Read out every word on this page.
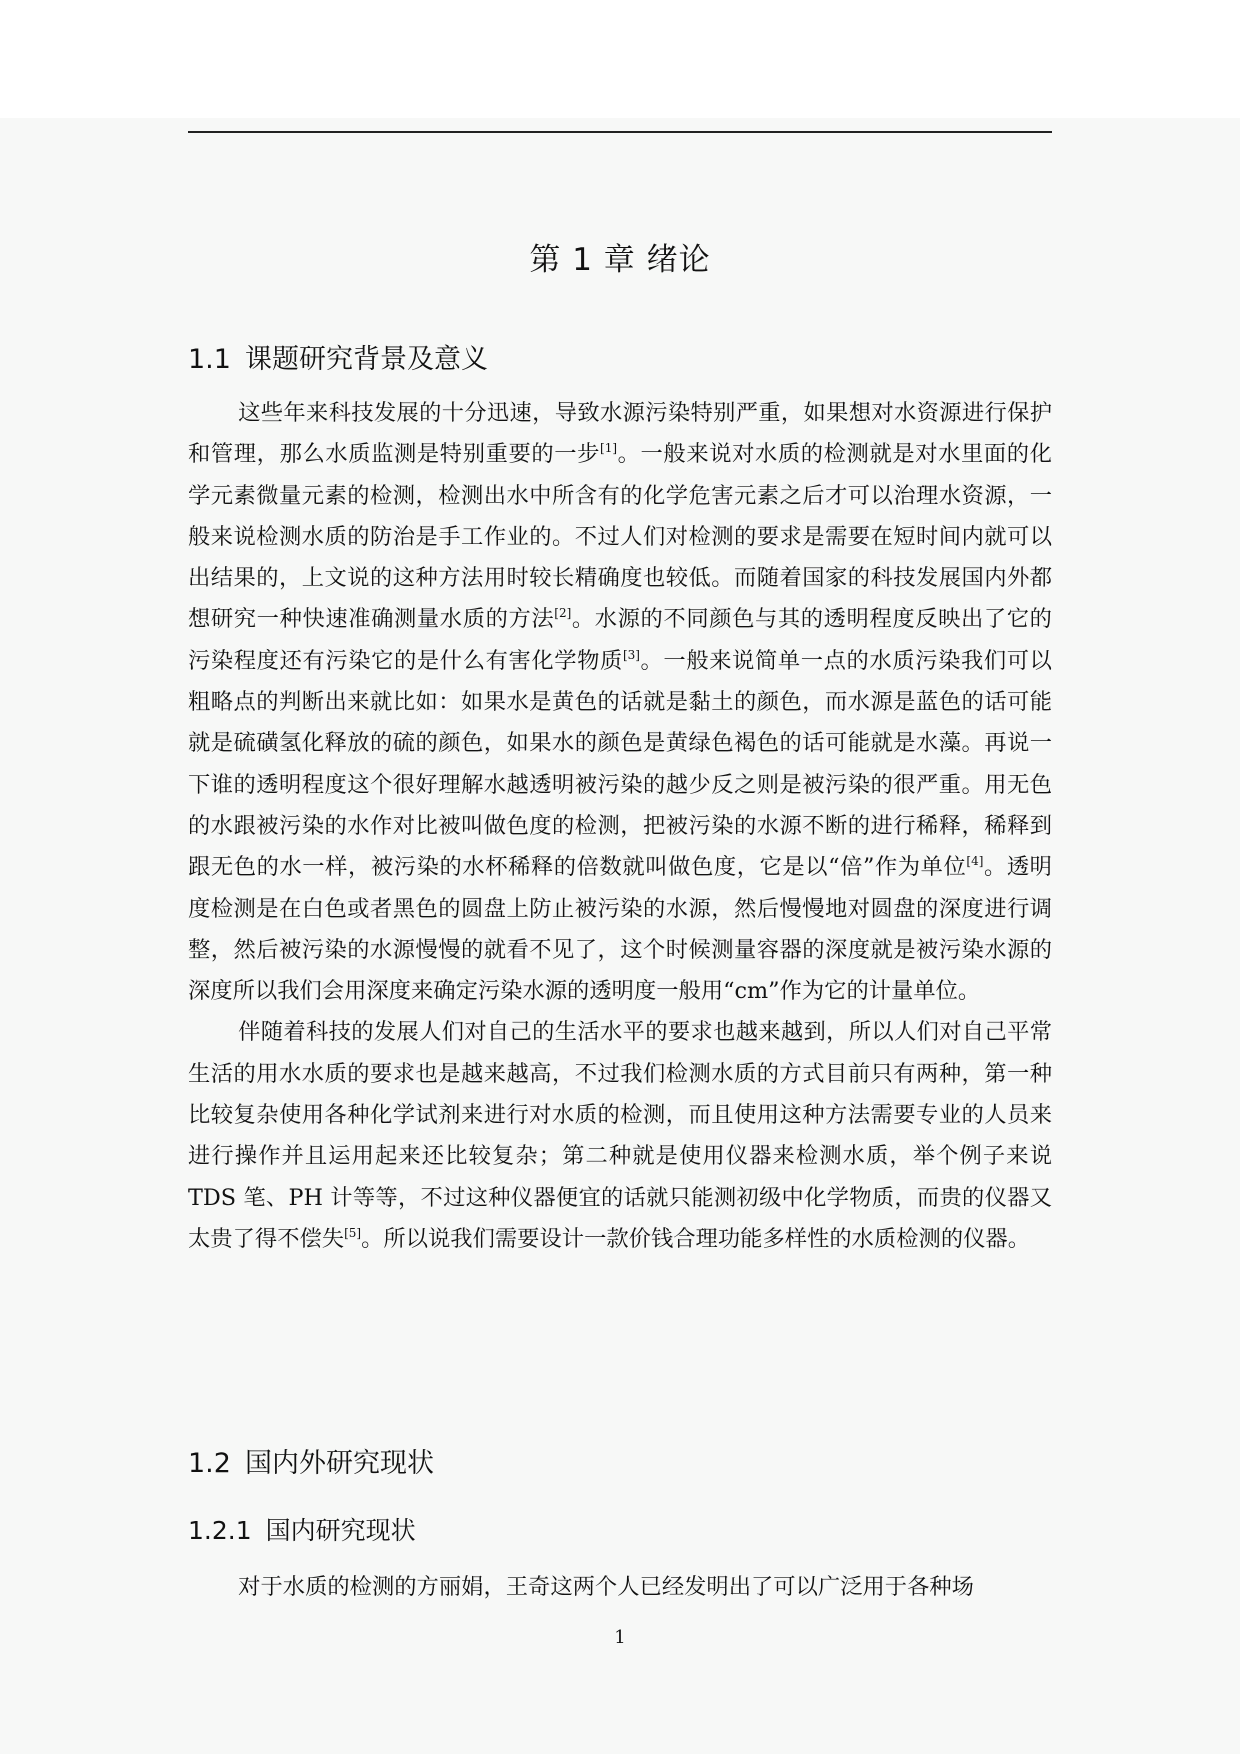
第 1 章 绪论
1.1 课题研究背景及意义

这些年来科技发展的十分迅速，导致水源污染特别严重，如果想对水资源进行保护和管理，那么水质监测是特别重要的一步[1]。一般来说对水质的检测就是对水里面的化学元素微量元素的检测，检测出水中所含有的化学危害元素之后才可以治理水资源，一般来说检测水质的防治是手工作业的。不过人们对检测的要求是需要在短时间内就可以出结果的，上文说的这种方法用时较长精确度也较低。而随着国家的科技发展国内外都想研究一种快速准确测量水质的方法[2]。水源的不同颜色与其的透明程度反映出了它的污染程度还有污染它的是什么有害化学物质[3]。一般来说简单一点的水质污染我们可以粗略点的判断出来就比如：如果水是黄色的话就是黏土的颜色，而水源是蓝色的话可能就是硫磺氢化释放的硫的颜色，如果水的颜色是黄绿色褐色的话可能就是水藻。再说一下谁的透明程度这个很好理解水越透明被污染的越少反之则是被污染的很严重。用无色的水跟被污染的水作对比被叫做色度的检测，把被污染的水源不断的进行稀释，稀释到跟无色的水一样，被污染的水杯稀释的倍数就叫做色度，它是以“倍”作为单位[4]。透明度检测是在白色或者黑色的圆盘上防止被污染的水源，然后慢慢地对圆盘的深度进行调整，然后被污染的水源慢慢的就看不见了，这个时候测量容器的深度就是被污染水源的深度所以我们会用深度来确定污染水源的透明度一般用“cm”作为它的计量单位。

伴随着科技的发展人们对自己的生活水平的要求也越来越到，所以人们对自己平常生活的用水水质的要求也是越来越高，不过我们检测水质的方式目前只有两种，第一种比较复杂使用各种化学试剂来进行对水质的检测，而且使用这种方法需要专业的人员来进行操作并且运用起来还比较复杂；第二种就是使用仪器来检测水质，举个例子来说 TDS 笔、PH 计等等，不过这种仪器便宜的话就只能测初级中化学物质，而贵的仪器又太贵了得不偿失[5]。所以说我们需要设计一款价钱合理功能多样性的水质检测的仪器。

1.2 国内外研究现状
1.2.1 国内研究现状

对于水质的检测的方丽娟，王奇这两个人已经发明出了可以广泛用于各种场

1
